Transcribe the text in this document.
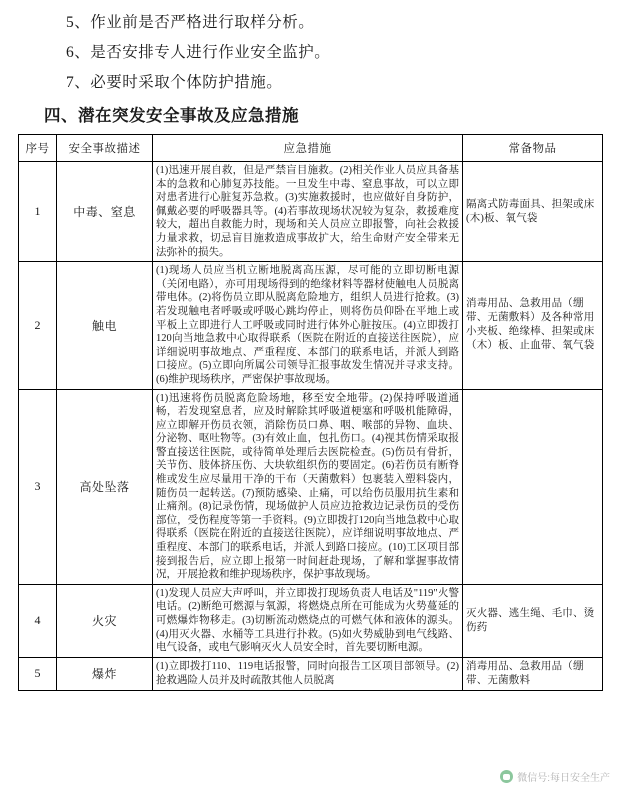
5、作业前是否严格进行取样分析。
6、是否安排专人进行作业安全监护。
7、必要时采取个体防护措施。
四、潜在突发安全事故及应急措施
序号	安全事故描述	应急措施	常备物品
1	中毒、窒息	(1)迅速开展自救，但是严禁盲目施救。(2)相关作业人员应具备基本的急救和心肺复苏技能。一旦发生中毒、窒息事故，可以立即对患者进行心脏复苏急救。(3)实施救援时，也应做好自身防护，佩戴必要的呼吸器具等。(4)若事故现场状况较为复杂，救援难度较大，超出自救能力时，现场和关人员应立即报警，向社会救援力量求救，切忌盲目施救造成事故扩大，给生命财产安全带来无法弥补的损失。	隔离式防毒面具、担架或床(木)板、氧气袋
2	触电	(1)现场人员应当机立断地脱离高压源，尽可能的立即切断电源（关闭电路），亦可用现场得到的绝缘材料等器材使触电人员脱离带电体。(2)将伤员立即从脱离危险地方，组织人员进行抢救。(3)若发现触电者呼吸或呼吸心跳均停止，则将伤员仰卧在平地上或平板上立即进行人工呼吸或同时进行体外心脏按压。(4)立即拨打120向当地急救中心取得联系（医院在附近的直接送往医院），应详细说明事故地点、严重程度、本部门的联系电话，并派人到路口接应。(5)立即向所属公司领导汇报事故发生情况并寻求支持。(6)维护现场秩序，严密保护事故现场。	消毒用品、急救用品（绷带、无菌敷料）及各种常用小夹板、绝缘棒、担架或床（木）板、止血带、氧气袋
3	高处坠落	(1)迅速将伤员脱离危险场地，移至安全地带。(2)保持呼吸道通畅，若发现窒息者，应及时解除其呼吸道梗塞和呼吸机能障碍，应立即解开伤员衣领，消除伤员口鼻、咽、喉部的异物、血块、分泌物、呕吐物等。(3)有效止血，包扎伤口。(4)视其伤情采取报警直接送往医院，或待简单处理后去医院检查。(5)伤员有骨折，关节伤、肢体挤压伤、大块软组织伤的要固定。(6)若伤员有断脊椎或发生应尽量用干净的干布（天菌敷料）包裹装入塑料袋内，随伤员一起转送。(7)预防感染、止痛，可以给伤员服用抗生素和止痛剂。(8)记录伤情，现场做护人员应边抢救边记录伤员的受伤部位，受伤程度等第一手资料。(9)立即拨打120向当地急救中心取得联系（医院在附近的直接送往医院），应详细说明事故地点、严重程度、本部门的联系电话，并派人到路口接应。(10)工区项目部接到报告后，应立即上报第一时间赶赴现场，了解和掌握事故情况，开展抢救和维护现场秩序，保护事故现场。	
4	火灾	(1)发现人员应大声呼叫，并立即拨打现场负责人电话及"119"火警电话。(2)断绝可燃源与氧源，将燃烧点所在可能成为火势蔓延的可燃爆炸物移走。(3)切断流动燃烧点的可燃气体和液体的源头。(4)用灭火器、水桶等工具进行扑救。(5)如火势威胁到电气线路、电气设备，或电气影响灭火人员安全时，首先要切断电源。	灭火器、逃生绳、毛巾、烫伤药
5	爆炸	(1)立即拨打110、119电话报警，同时向报告工区项目部领导。(2)抢救遇险人员并及时疏散其他人员脱离	消毒用品、急救用品（绷带、无菌敷料
微信号:每日安全生产
